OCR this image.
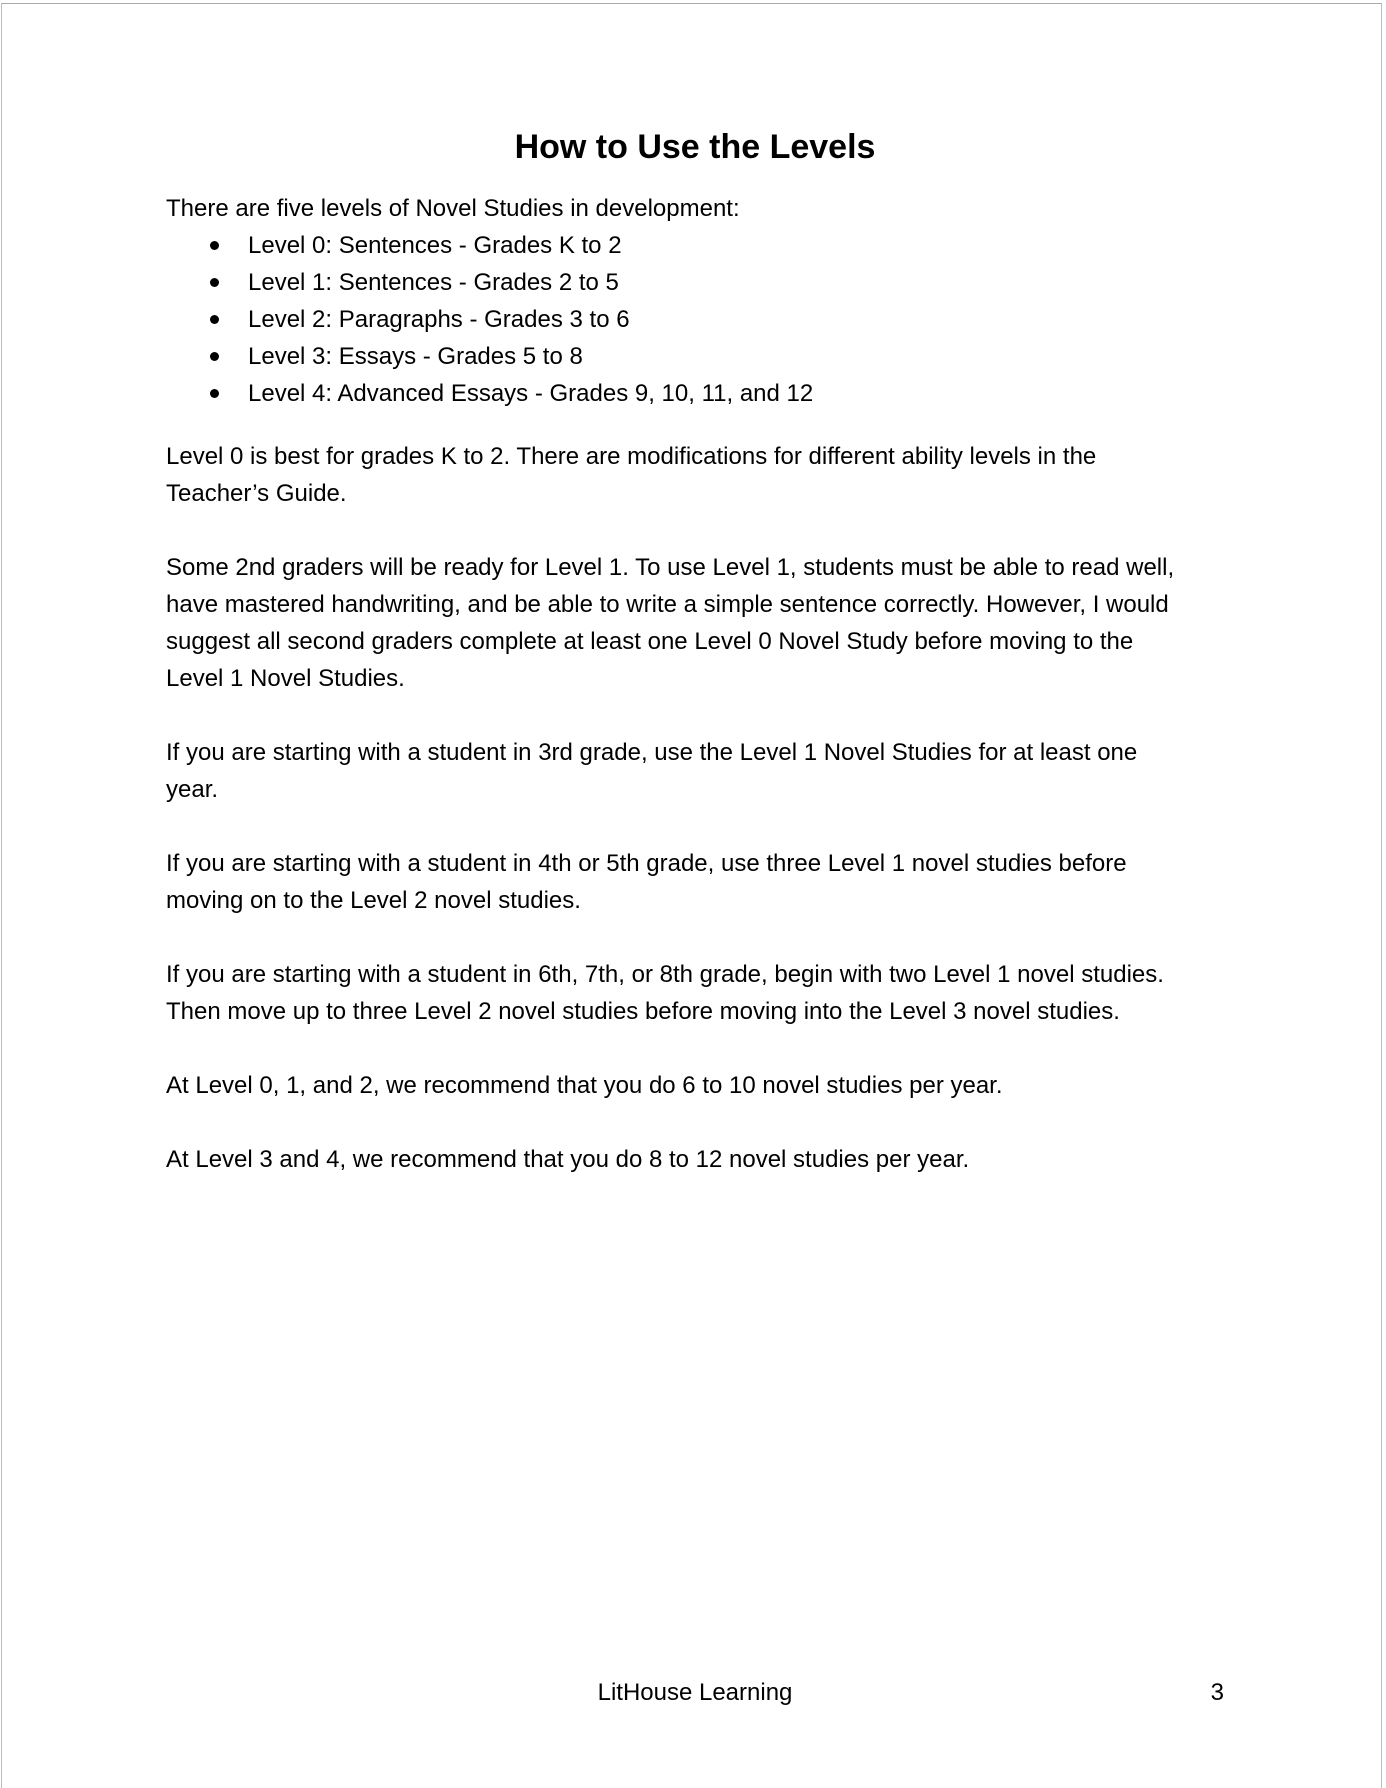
How to Use the Levels

There are five levels of Novel Studies in development:

Level 0: Sentences - Grades K to 2
Level 1: Sentences - Grades 2 to 5
Level 2: Paragraphs - Grades 3 to 6
Level 3: Essays - Grades 5 to 8
Level 4: Advanced Essays - Grades 9, 10, 11, and 12

Level 0 is best for grades K to 2. There are modifications for different ability levels in the Teacher’s Guide.

Some 2nd graders will be ready for Level 1. To use Level 1, students must be able to read well, have mastered handwriting, and be able to write a simple sentence correctly. However, I would suggest all second graders complete at least one Level 0 Novel Study before moving to the Level 1 Novel Studies.

If you are starting with a student in 3rd grade, use the Level 1 Novel Studies for at least one year.

If you are starting with a student in 4th or 5th grade, use three Level 1 novel studies before moving on to the Level 2 novel studies.

If you are starting with a student in 6th, 7th, or 8th grade, begin with two Level 1 novel studies. Then move up to three Level 2 novel studies before moving into the Level 3 novel studies.

At Level 0, 1, and 2, we recommend that you do 6 to 10 novel studies per year.

At Level 3 and 4, we recommend that you do 8 to 12 novel studies per year.

LitHouse Learning	3
